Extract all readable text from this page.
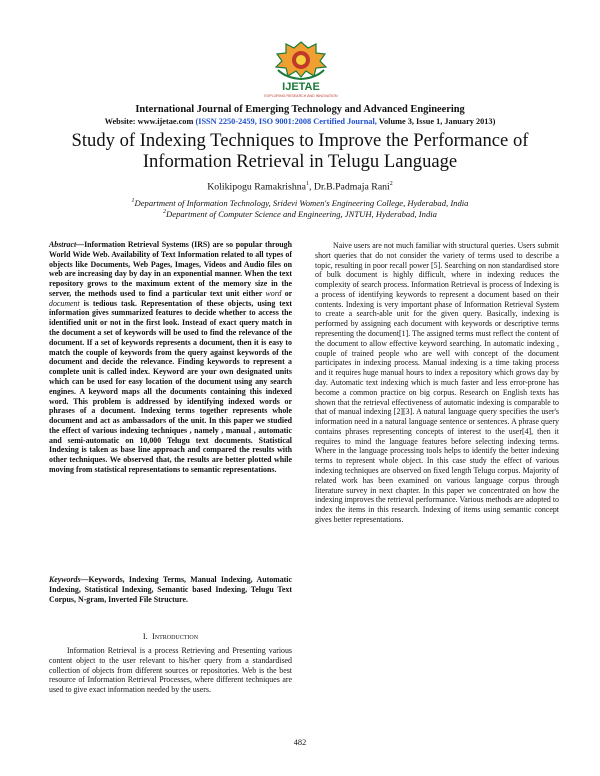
IJETAE
EXPLORING RESEARCH AND INNOVATION
International Journal of Emerging Technology and Advanced Engineering
Website: www.ijetae.com (ISSN 2250-2459, ISO 9001:2008 Certified Journal, Volume 3, Issue 1, January 2013)
Study of Indexing Techniques to Improve the Performance of
Information Retrieval in Telugu Language
Kolikipogu Ramakrishna$^1$, Dr.B.Padmaja Rani$^2$
$^1$Department of Information Technology, Sridevi Women's Engineering College, Hyderabad, India
$^2$Department of Computer Science and Engineering, JNTUH, Hyderabad, India
Abstract—Information Retrieval Systems (IRS) are so popular through World Wide Web. Availability of Text Information related to all types of objects like Documents, Web Pages, Images, Videos and Audio files on web are increasing day by day in an exponential manner. When the text repository grows to the maximum extent of the memory size in the server, the methods used to find a particular text unit either word or document is tedious task. Representation of these objects, using text information gives summarized features to decide whether to access the identified unit or not in the first look. Instead of exact query match in the document a set of keywords will be used to find the relevance of the document. If a set of keywords represents a document, then it is easy to match the couple of keywords from the query against keywords of the document and decide the relevance. Finding keywords to represent a complete unit is called index. Keyword are your own designated units which can be used for easy location of the document using any search engines. A keyword maps all the documents containing this indexed word. This problem is addressed by identifying indexed words or phrases of a document. Indexing terms together represents whole document and act as ambassadors of the unit. In this paper we studied the effect of various indexing techniques , namely , manual , automatic and semi-automatic on 10,000 Telugu text documents. Statistical Indexing is taken as base line approach and compared the results with other techniques. We observed that, the results are better plotted while moving from statistical representations to semantic representations.
Keywords—Keywords, Indexing Terms, Manual Indexing, Automatic Indexing, Statistical Indexing, Semantic based Indexing, Telugu Text Corpus, N-gram, Inverted File Structure.
I. Introduction
Information Retrieval is a process Retrieving and Presenting various content object to the user relevant to his/her query from a standardised collection of objects from different sources or repositories. Web is the best resource of Information Retrieval Processes, where different techniques are used to give exact information needed by the users.
Naive users are not much familiar with structural queries. Users submit short queries that do not consider the variety of terms used to describe a topic, resulting in poor recall power [5]. Searching on non standardised store of bulk document is highly difficult, where in indexing reduces the complexity of search process. Information Retrieval is process of Indexing is a process of identifying keywords to represent a document based on their contents. Indexing is very important phase of Information Retrieval System to create a search-able unit for the given query. Basically, indexing is performed by assigning each document with keywords or descriptive terms representing the document[1]. The assigned terms must reflect the content of the document to allow effective keyword searching. In automatic indexing , couple of trained people who are well with concept of the document participates in indexing process. Manual indexing is a time taking process and it requires huge manual hours to index a repository which grows day by day. Automatic text indexing which is much faster and less error-prone has become a common practice on big corpus. Research on English texts has shown that the retrieval effectiveness of automatic indexing is comparable to that of manual indexing [2][3]. A natural language query specifies the user's information need in a natural language sentence or sentences. A phrase query contains phrases representing concepts of interest to the user[4], then it requires to mind the language features before selecting indexing terms. Where in the language processing tools helps to identify the better indexing terms to represent whole object. In this case study the effect of various indexing techniques are observed on fixed length Telugu corpus. Majority of related work has been examined on various language corpus through literature survey in next chapter. In this paper we concentrated on how the indexing improves the retrieval performance. Various methods are adopted to index the items in this research. Indexing of items using semantic concept gives better representations.
482
